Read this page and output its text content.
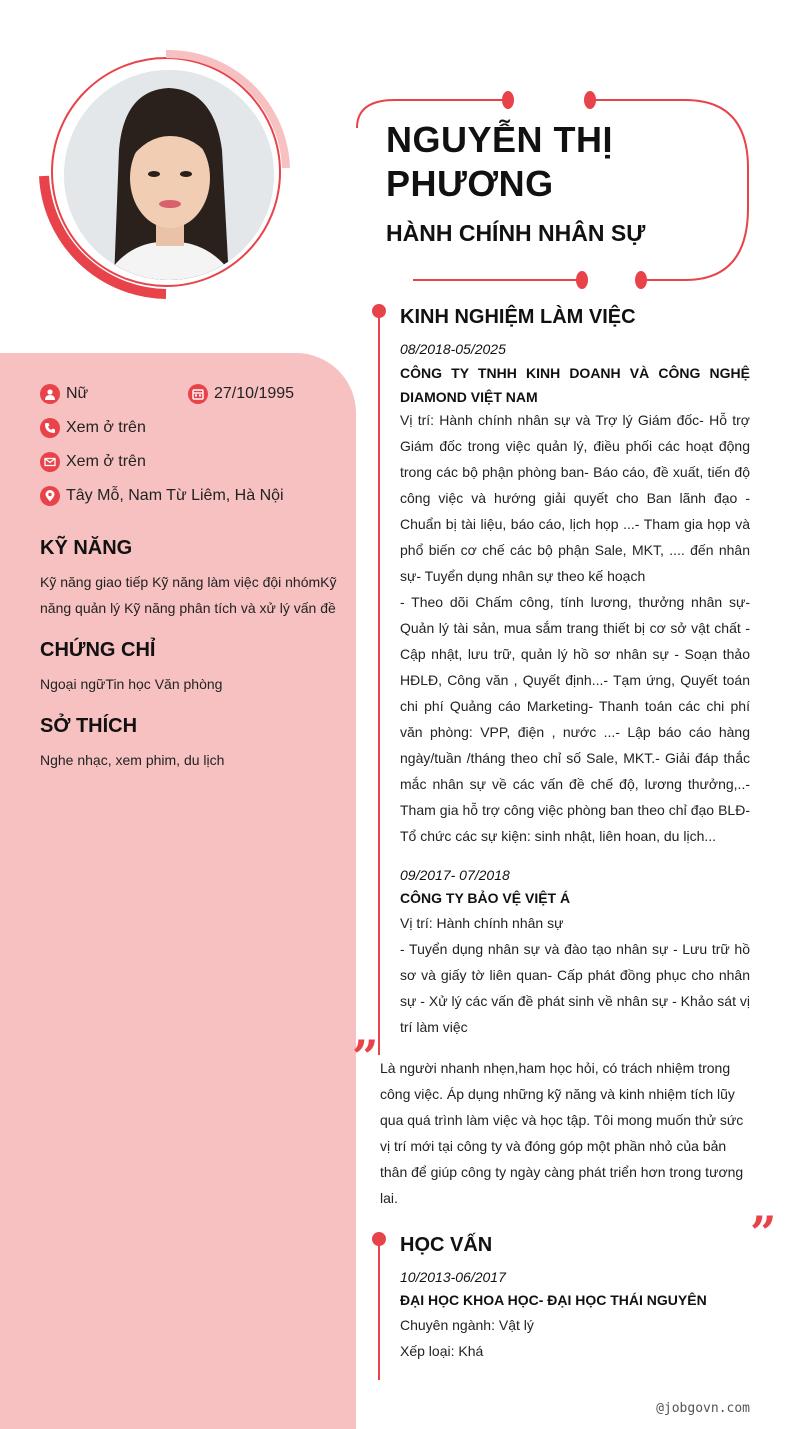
NGUYỄN THỊ PHƯƠNG
HÀNH CHÍNH NHÂN SỰ
Nữ	27/10/1995
Xem ở trên
Xem ở trên
Tây Mỗ, Nam Từ Liêm, Hà Nội
KỸ NĂNG
Kỹ năng giao tiếp Kỹ năng làm việc đội nhómKỹ năng quản lý Kỹ năng phân tích và xử lý vấn đề
CHỨNG CHỈ
Ngoại ngữTin học Văn phòng
SỞ THÍCH
Nghe nhạc, xem phim, du lịch
KINH NGHIỆM LÀM VIỆC
08/2018-05/2025
CÔNG TY TNHH KINH DOANH VÀ CÔNG NGHỆ DIAMOND VIỆT NAM
Vị trí: Hành chính nhân sự và Trợ lý Giám đốc- Hỗ trợ Giám đốc trong việc quản lý, điều phối các hoạt động trong các bộ phận phòng ban- Báo cáo, đề xuất, tiến độ công việc và hướng giải quyết cho Ban lãnh đạo - Chuẩn bị tài liệu, báo cáo, lịch họp ...- Tham gia họp và phổ biến cơ chế các bộ phận Sale, MKT, .... đến nhân sự- Tuyển dụng nhân sự theo kế hoạch
- Theo dõi Chấm công, tính lương, thưởng nhân sự- Quản lý tài sản, mua sắm trang thiết bị cơ sở vật chất - Cập nhật, lưu trữ, quản lý hồ sơ nhân sự - Soạn thảo HĐLĐ, Công văn , Quyết định...- Tạm ứng, Quyết toán chi phí Quảng cáo Marketing- Thanh toán các chi phí văn phòng: VPP, điện , nước ...- Lập báo cáo hàng ngày/tuần /tháng theo chỉ số Sale, MKT.- Giải đáp thắc mắc nhân sự về các vấn đề chế độ, lương thưởng,..- Tham gia hỗ trợ công việc phòng ban theo chỉ đạo BLĐ- Tổ chức các sự kiện: sinh nhật, liên hoan, du lịch...
09/2017- 07/2018
CÔNG TY BẢO VỆ VIỆT Á
Vị trí: Hành chính nhân sự
- Tuyển dụng nhân sự và đào tạo nhân sự - Lưu trữ hồ sơ và giấy tờ liên quan- Cấp phát đồng phục cho nhân sự - Xử lý các vấn đề phát sinh về nhân sự - Khảo sát vị trí làm việc
” Là người nhanh nhẹn,ham học hỏi, có trách nhiệm trong công việc. Áp dụng những kỹ năng và kinh nhiệm tích lũy qua quá trình làm việc và học tập. Tôi mong muốn thử sức vị trí mới tại công ty và đóng góp một phần nhỏ của bản thân để giúp công ty ngày càng phát triển hơn trong tương lai.
”
HỌC VẤN
10/2013-06/2017
ĐẠI HỌC KHOA HỌC- ĐẠI HỌC THÁI NGUYÊN
Chuyên ngành: Vật lý
Xếp loại: Khá
@jobgovn.com
